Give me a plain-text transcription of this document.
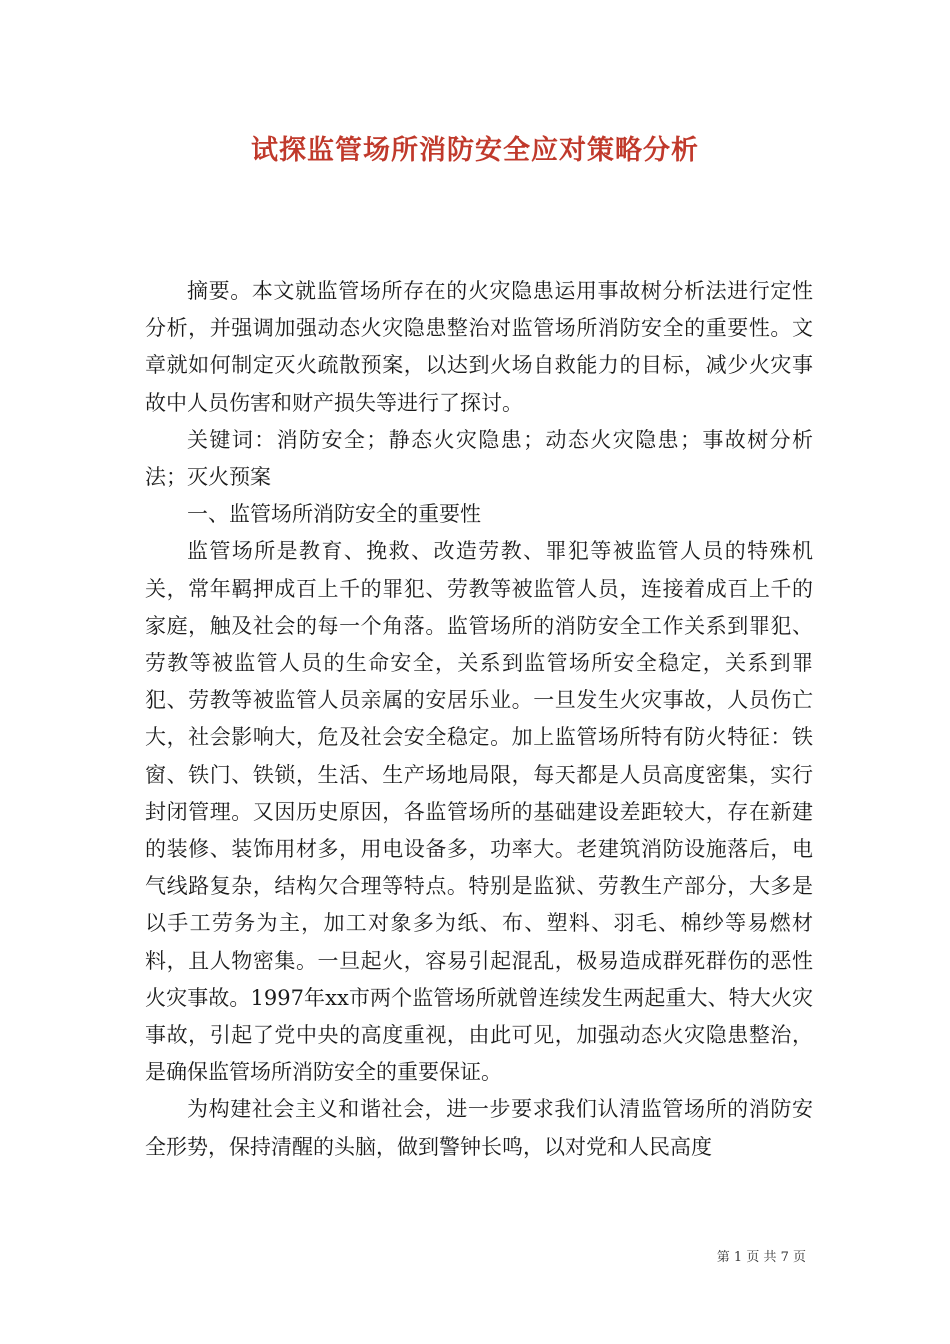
试探监管场所消防安全应对策略分析

摘要。本文就监管场所存在的火灾隐患运用事故树分析法进行定性分析，并强调加强动态火灾隐患整治对监管场所消防安全的重要性。文章就如何制定灭火疏散预案，以达到火场自救能力的目标，减少火灾事故中人员伤害和财产损失等进行了探讨。

关键词：消防安全；静态火灾隐患；动态火灾隐患；事故树分析法；灭火预案

一、监管场所消防安全的重要性

监管场所是教育、挽救、改造劳教、罪犯等被监管人员的特殊机关，常年羁押成百上千的罪犯、劳教等被监管人员，连接着成百上千的家庭，触及社会的每一个角落。监管场所的消防安全工作关系到罪犯、劳教等被监管人员的生命安全，关系到监管场所安全稳定，关系到罪犯、劳教等被监管人员亲属的安居乐业。一旦发生火灾事故，人员伤亡大，社会影响大，危及社会安全稳定。加上监管场所特有防火特征：铁窗、铁门、铁锁，生活、生产场地局限，每天都是人员高度密集，实行封闭管理。又因历史原因，各监管场所的基础建设差距较大，存在新建的装修、装饰用材多，用电设备多，功率大。老建筑消防设施落后，电气线路复杂，结构欠合理等特点。特别是监狱、劳教生产部分，大多是以手工劳务为主，加工对象多为纸、布、塑料、羽毛、棉纱等易燃材料，且人物密集。一旦起火，容易引起混乱，极易造成群死群伤的恶性火灾事故。1997年xx市两个监管场所就曾连续发生两起重大、特大火灾事故，引起了党中央的高度重视，由此可见，加强动态火灾隐患整治，是确保监管场所消防安全的重要保证。

为构建社会主义和谐社会，进一步要求我们认清监管场所的消防安全形势，保持清醒的头脑，做到警钟长鸣，以对党和人民高度

第 1 页 共 7 页
